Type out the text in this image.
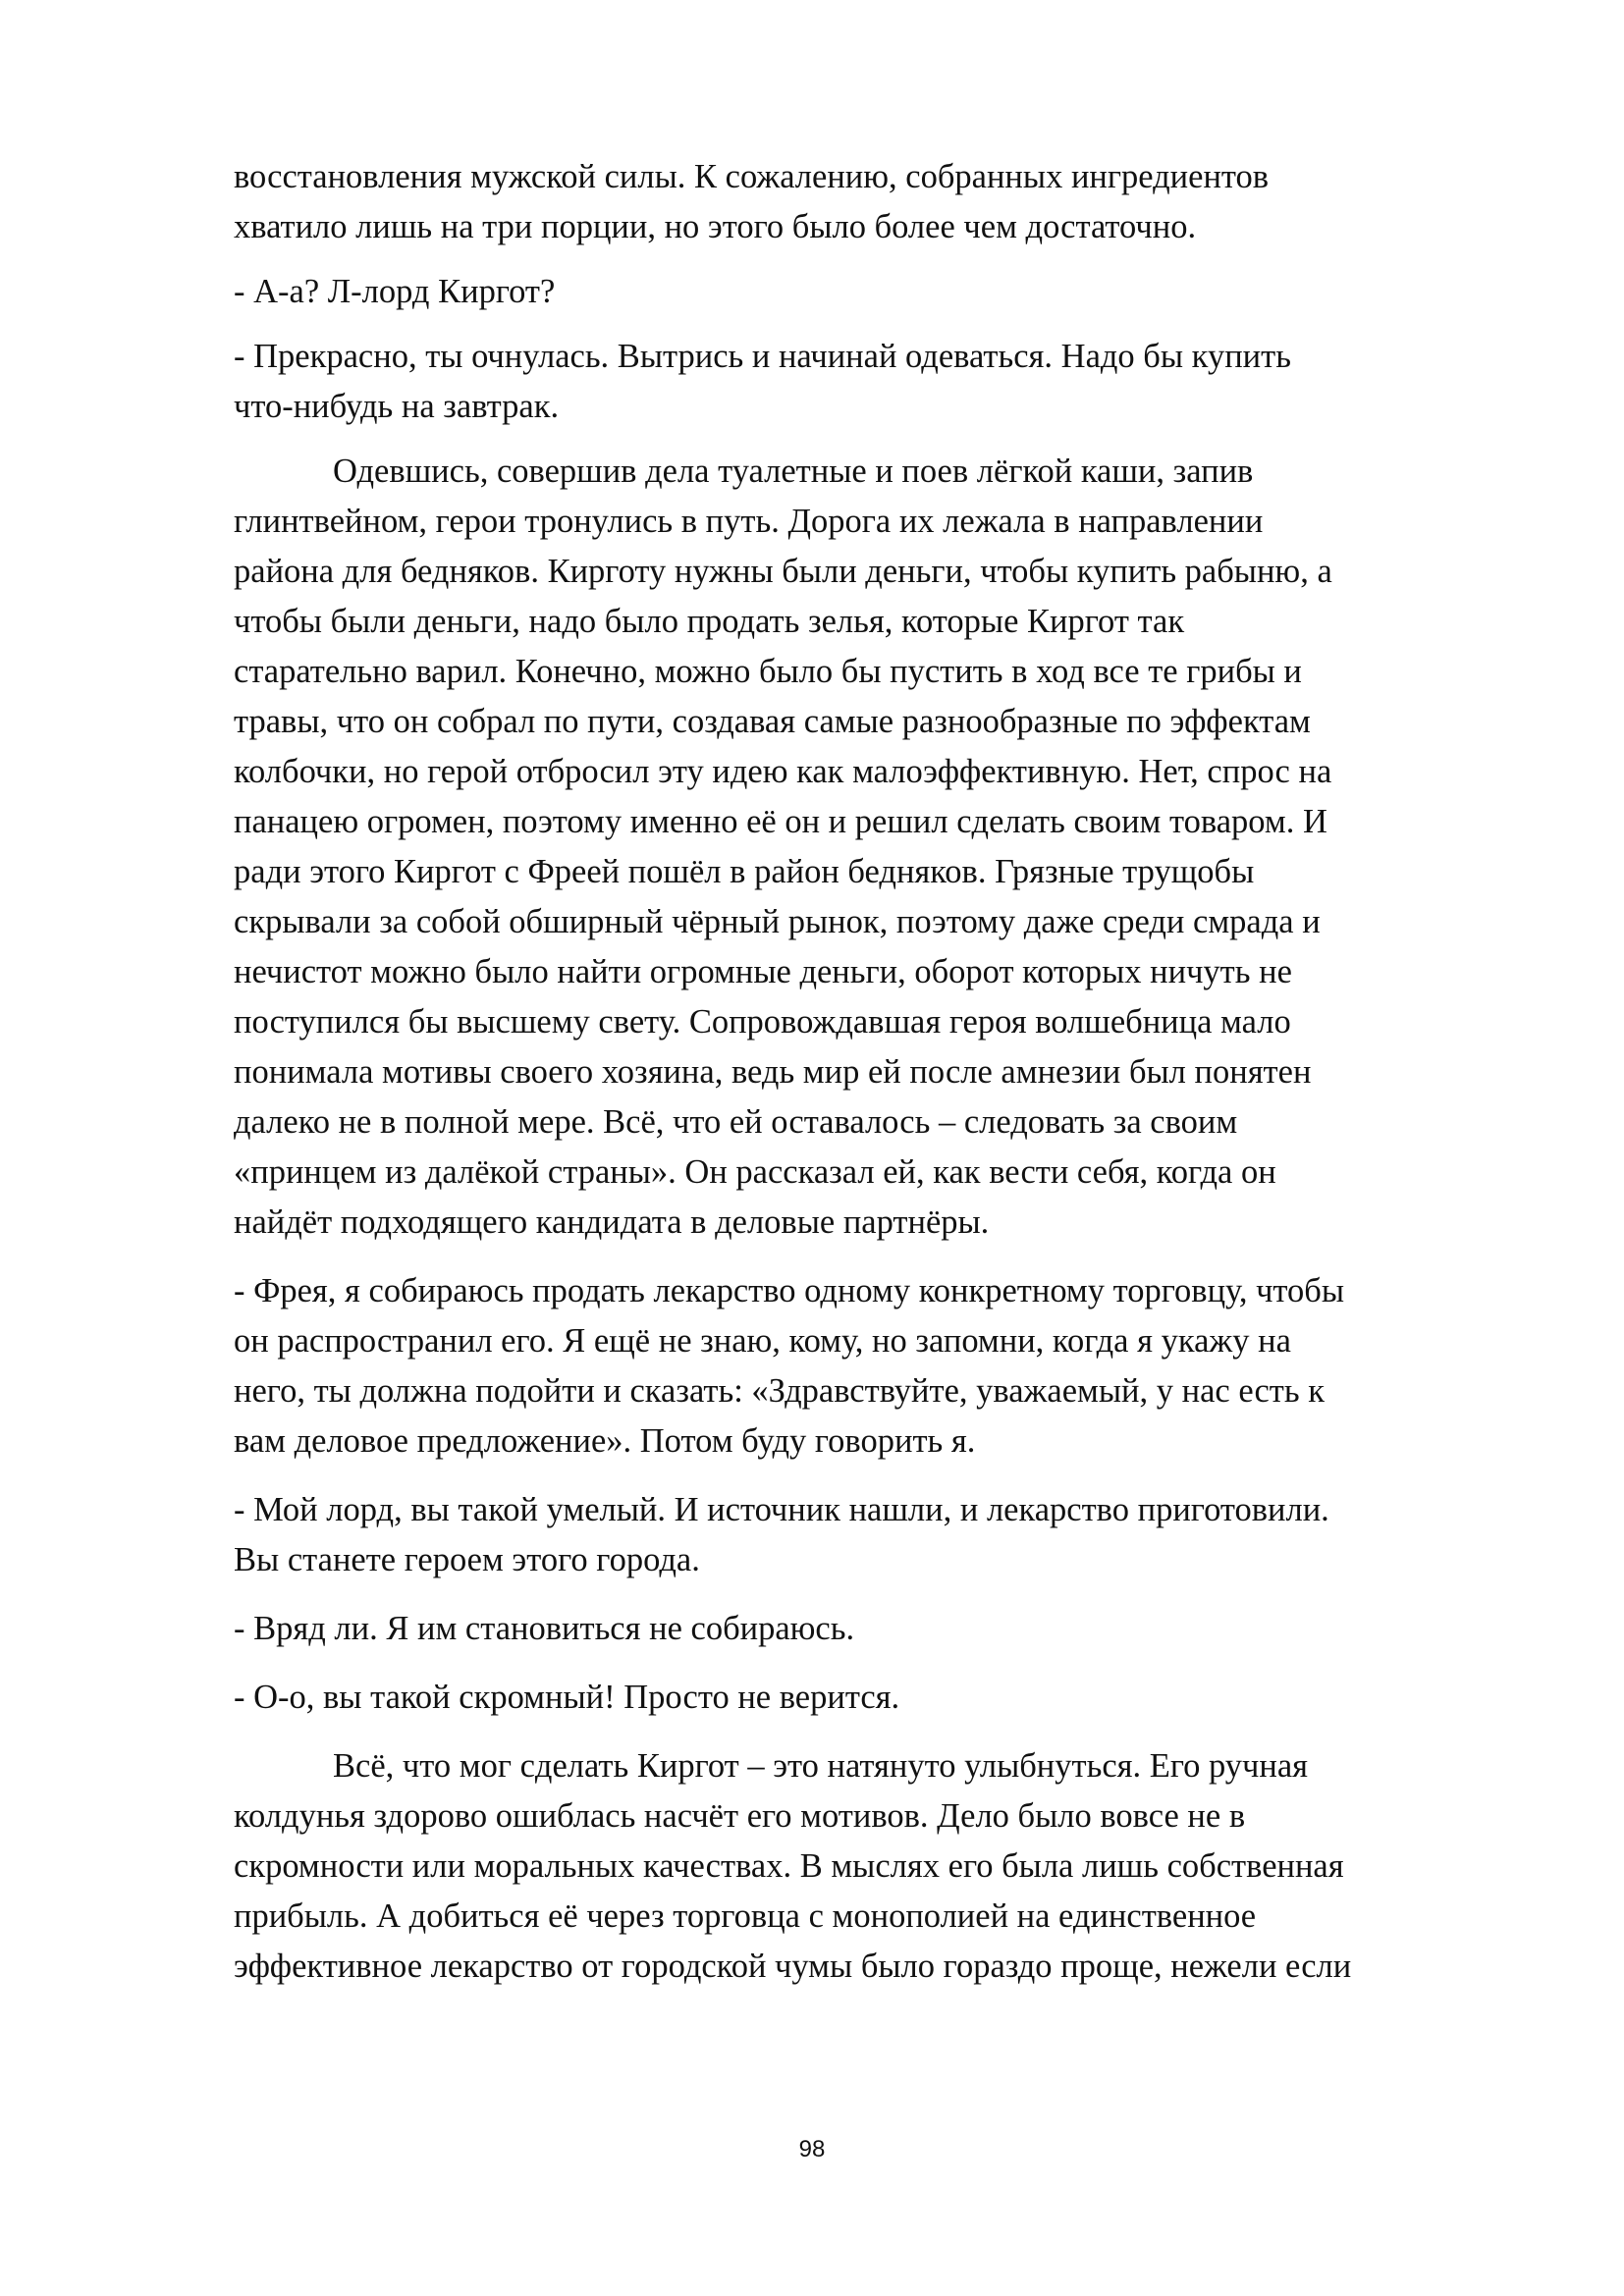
восстановления мужской силы. К сожалению, собранных ингредиентов
хватило лишь на три порции, но этого было более чем достаточно.

- А-а? Л-лорд Киргот?

- Прекрасно, ты очнулась. Вытрись и начинай одеваться. Надо бы купить
что-нибудь на завтрак.

Одевшись, совершив дела туалетные и поев лёгкой каши, запив
глинтвейном, герои тронулись в путь. Дорога их лежала в направлении
района для бедняков. Кирготу нужны были деньги, чтобы купить рабыню, а
чтобы были деньги, надо было продать зелья, которые Киргот так
старательно варил. Конечно, можно было бы пустить в ход все те грибы и
травы, что он собрал по пути, создавая самые разнообразные по эффектам
колбочки, но герой отбросил эту идею как малоэффективную. Нет, спрос на
панацею огромен, поэтому именно её он и решил сделать своим товаром. И
ради этого Киргот с Фреей пошёл в район бедняков. Грязные трущобы
скрывали за собой обширный чёрный рынок, поэтому даже среди смрада и
нечистот можно было найти огромные деньги, оборот которых ничуть не
поступился бы высшему свету. Сопровождавшая героя волшебница мало
понимала мотивы своего хозяина, ведь мир ей после амнезии был понятен
далеко не в полной мере. Всё, что ей оставалось – следовать за своим
«принцем из далёкой страны». Он рассказал ей, как вести себя, когда он
найдёт подходящего кандидата в деловые партнёры.

- Фрея, я собираюсь продать лекарство одному конкретному торговцу, чтобы
он распространил его. Я ещё не знаю, кому, но запомни, когда я укажу на
него, ты должна подойти и сказать: «Здравствуйте, уважаемый, у нас есть к
вам деловое предложение». Потом буду говорить я.

- Мой лорд, вы такой умелый. И источник нашли, и лекарство приготовили.
Вы станете героем этого города.

- Вряд ли. Я им становиться не собираюсь.

- О-о, вы такой скромный! Просто не верится.

Всё, что мог сделать Киргот – это натянуто улыбнуться. Его ручная
колдунья здорово ошиблась насчёт его мотивов. Дело было вовсе не в
скромности или моральных качествах. В мыслях его была лишь собственная
прибыль. А добиться её через торговца с монополией на единственное
эффективное лекарство от городской чумы было гораздо проще, нежели если

98
